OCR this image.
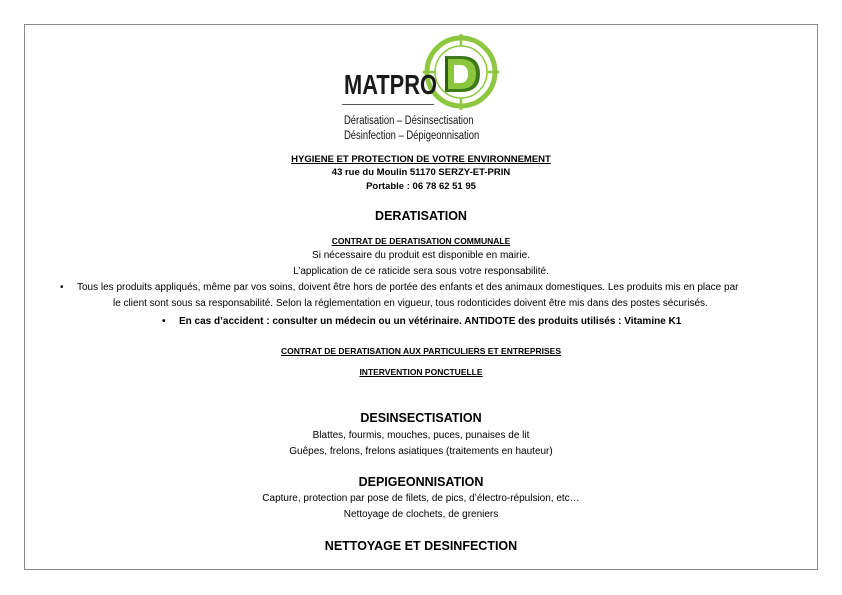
MATPRO
Dératisation – Désinsectisation
Désinfection – Dépigeonnisation
HYGIENE ET PROTECTION DE VOTRE ENVIRONNEMENT
43 rue du Moulin 51170 SERZY-ET-PRIN
Portable : 06 78 62 51 95
DERATISATION
CONTRAT DE DERATISATION COMMUNALE
Si nécessaire du produit est disponible en mairie.
L’application de ce raticide sera sous votre responsabilité.
• Tous les produits appliqués, même par vos soins, doivent être hors de portée des enfants et des animaux domestiques. Les produits mis en place par
le client sont sous sa responsabilité. Selon la réglementation en vigueur, tous rodonticides doivent être mis dans des postes sécurisés.
• En cas d’accident : consulter un médecin ou un vétérinaire. ANTIDOTE des produits utilisés : Vitamine K1
CONTRAT DE DERATISATION AUX PARTICULIERS ET ENTREPRISES
INTERVENTION PONCTUELLE
DESINSECTISATION
Blattes, fourmis, mouches, puces, punaises de lit
Guêpes, frelons, frelons asiatiques (traitements en hauteur)
DEPIGEONNISATION
Capture, protection par pose de filets, de pics, d’électro-répulsion, etc…
Nettoyage de clochets, de greniers
NETTOYAGE ET DESINFECTION
